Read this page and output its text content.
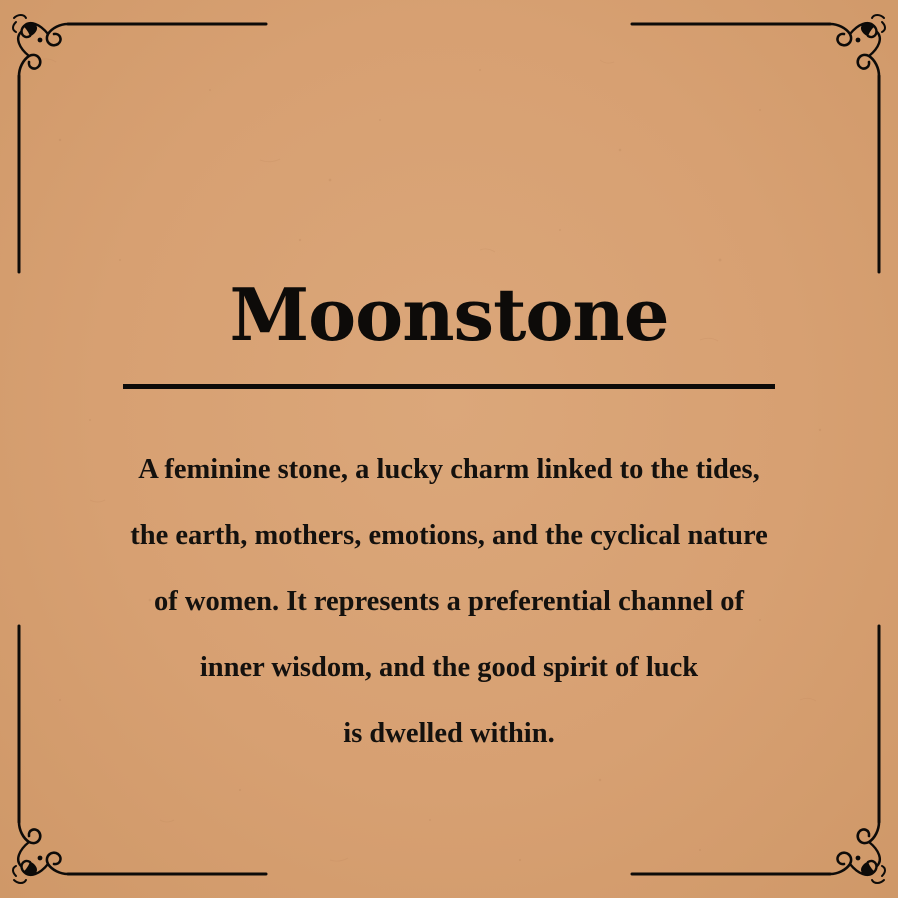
Moonstone
A feminine stone, a lucky charm linked to the tides,
the earth, mothers, emotions, and the cyclical nature
of women. It represents a preferential channel of
inner wisdom, and the good spirit of luck
is dwelled within.
